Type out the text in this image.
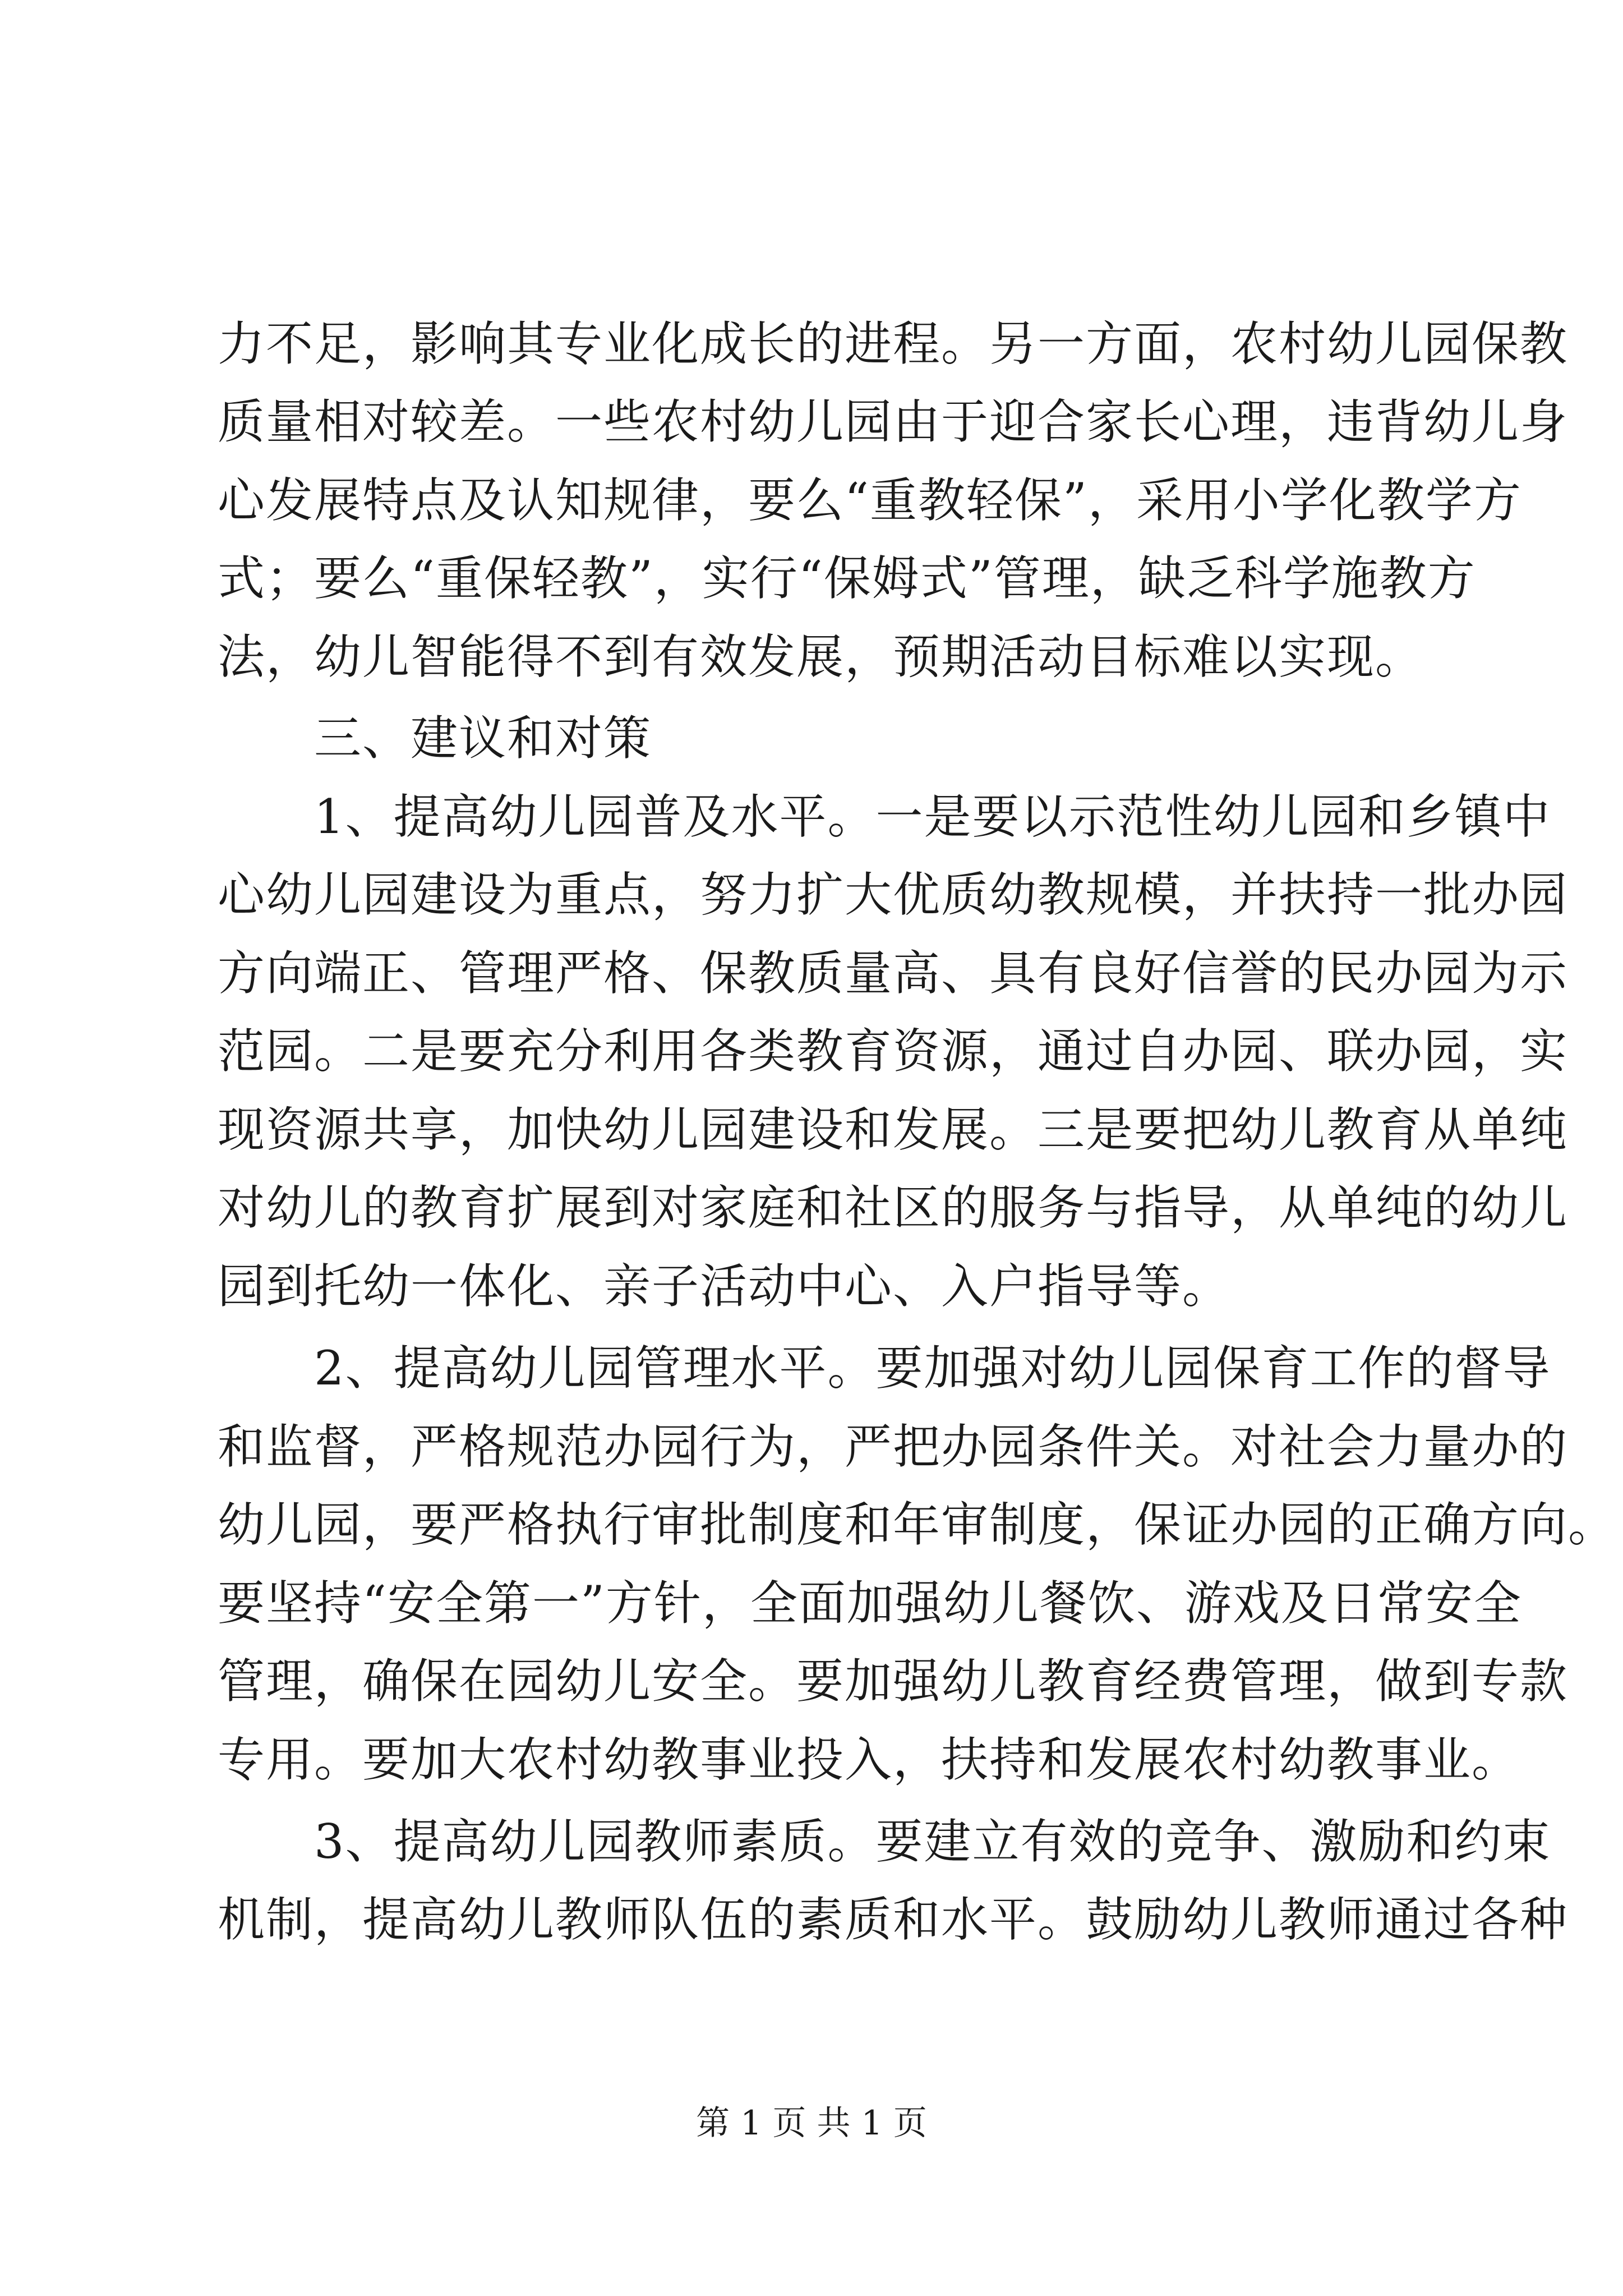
力不足，影响其专业化成长的进程。另一方面，农村幼儿园保教
质量相对较差。一些农村幼儿园由于迎合家长心理，违背幼儿身
心发展特点及认知规律，要么“重教轻保”，采用小学化教学方
式；要么“重保轻教”，实行“保姆式”管理，缺乏科学施教方
法，幼儿智能得不到有效发展，预期活动目标难以实现。
三、建议和对策
1、提高幼儿园普及水平。一是要以示范性幼儿园和乡镇中
心幼儿园建设为重点，努力扩大优质幼教规模，并扶持一批办园
方向端正、管理严格、保教质量高、具有良好信誉的民办园为示
范园。二是要充分利用各类教育资源，通过自办园、联办园，实
现资源共享，加快幼儿园建设和发展。三是要把幼儿教育从单纯
对幼儿的教育扩展到对家庭和社区的服务与指导，从单纯的幼儿
园到托幼一体化、亲子活动中心、入户指导等。
2、提高幼儿园管理水平。要加强对幼儿园保育工作的督导
和监督，严格规范办园行为，严把办园条件关。对社会力量办的
幼儿园，要严格执行审批制度和年审制度，保证办园的正确方向。
要坚持“安全第一”方针，全面加强幼儿餐饮、游戏及日常安全
管理，确保在园幼儿安全。要加强幼儿教育经费管理，做到专款
专用。要加大农村幼教事业投入，扶持和发展农村幼教事业。
3、提高幼儿园教师素质。要建立有效的竞争、激励和约束
机制，提高幼儿教师队伍的素质和水平。鼓励幼儿教师通过各种
第 1 页 共 1 页
